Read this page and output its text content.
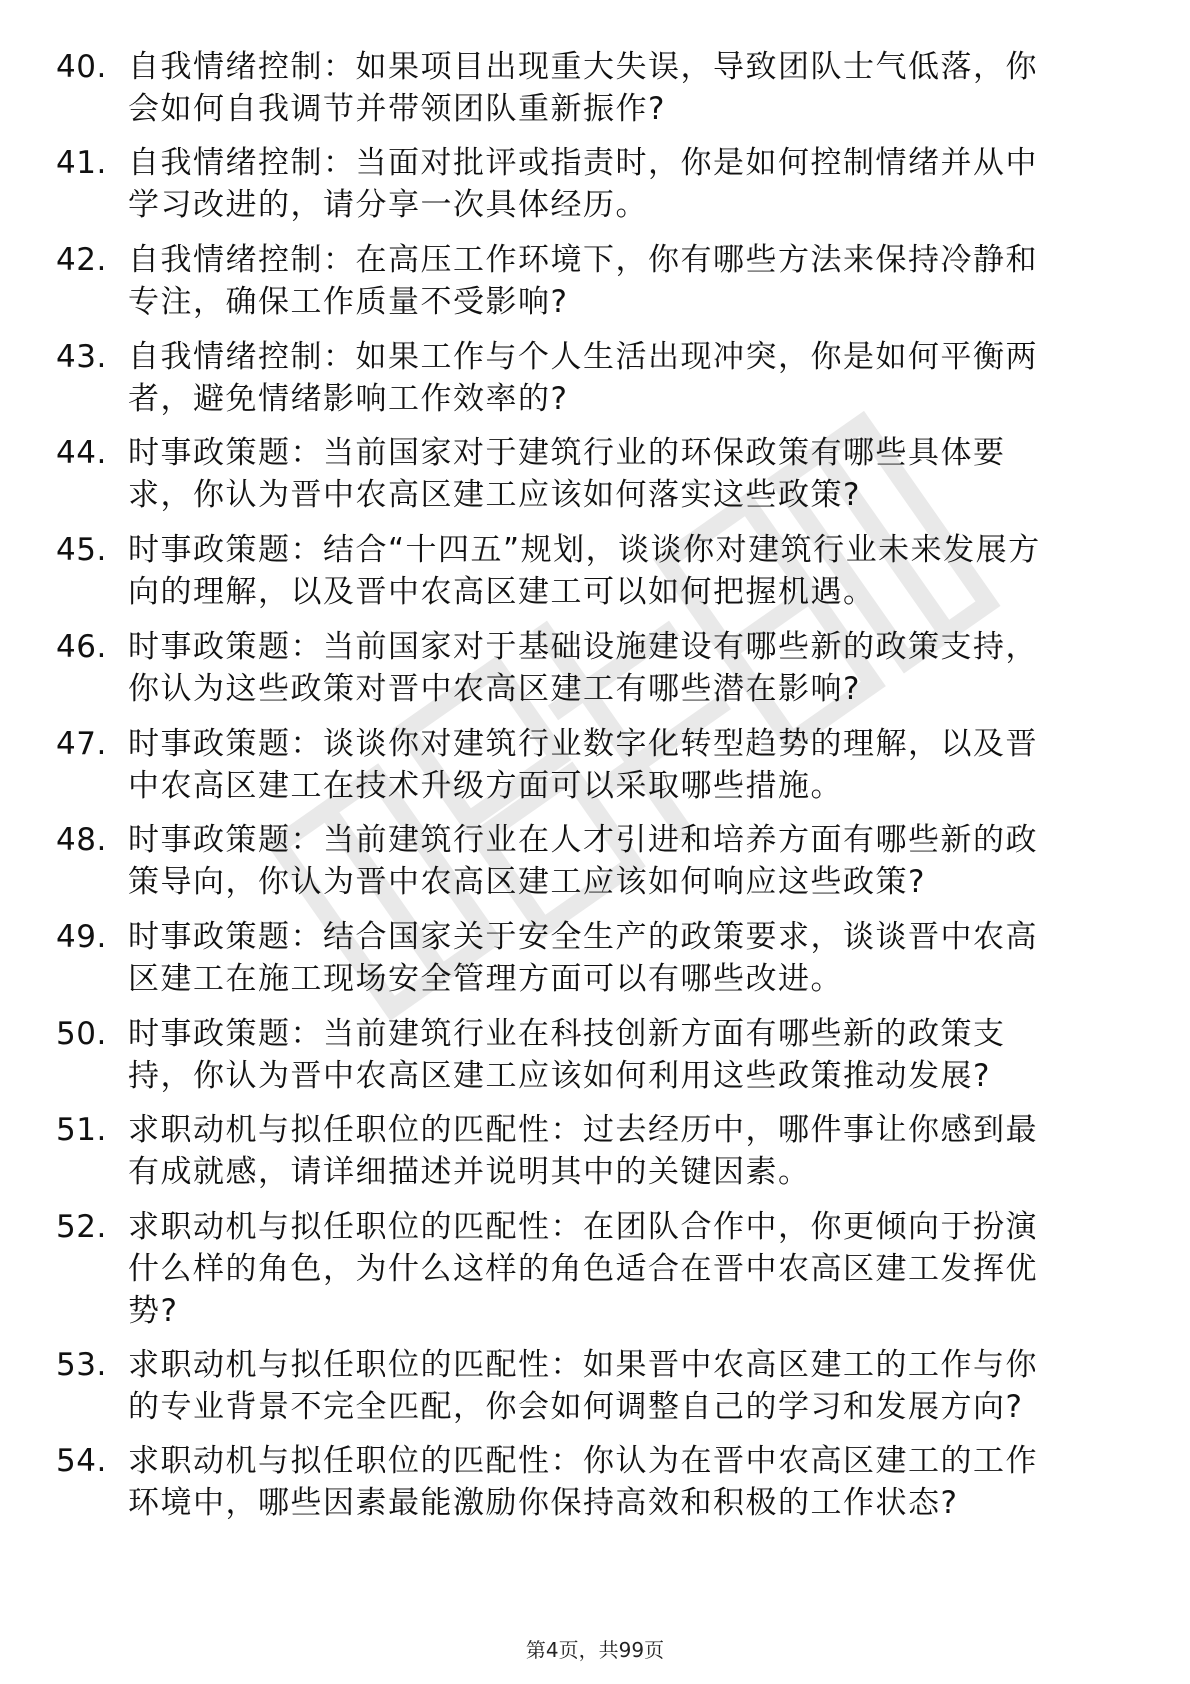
40. 自我情绪控制：如果项目出现重大失误，导致团队士气低落，你
会如何自我调节并带领团队重新振作?
41. 自我情绪控制：当面对批评或指责时，你是如何控制情绪并从中
学习改进的，请分享一次具体经历。
42. 自我情绪控制：在高压工作环境下，你有哪些方法来保持冷静和
专注，确保工作质量不受影响?
43. 自我情绪控制：如果工作与个人生活出现冲突，你是如何平衡两
者，避免情绪影响工作效率的?
44. 时事政策题：当前国家对于建筑行业的环保政策有哪些具体要
求，你认为晋中农高区建工应该如何落实这些政策?
45. 时事政策题：结合“十四五”规划，谈谈你对建筑行业未来发展方
向的理解，以及晋中农高区建工可以如何把握机遇。
46. 时事政策题：当前国家对于基础设施建设有哪些新的政策支持，
你认为这些政策对晋中农高区建工有哪些潜在影响?
47. 时事政策题：谈谈你对建筑行业数字化转型趋势的理解，以及晋
中农高区建工在技术升级方面可以采取哪些措施。
48. 时事政策题：当前建筑行业在人才引进和培养方面有哪些新的政
策导向，你认为晋中农高区建工应该如何响应这些政策?
49. 时事政策题：结合国家关于安全生产的政策要求，谈谈晋中农高
区建工在施工现场安全管理方面可以有哪些改进。
50. 时事政策题：当前建筑行业在科技创新方面有哪些新的政策支
持，你认为晋中农高区建工应该如何利用这些政策推动发展?
51. 求职动机与拟任职位的匹配性：过去经历中，哪件事让你感到最
有成就感，请详细描述并说明其中的关键因素。
52. 求职动机与拟任职位的匹配性：在团队合作中，你更倾向于扮演
什么样的角色，为什么这样的角色适合在晋中农高区建工发挥优
势?
53. 求职动机与拟任职位的匹配性：如果晋中农高区建工的工作与你
的专业背景不完全匹配，你会如何调整自己的学习和发展方向?
54. 求职动机与拟任职位的匹配性：你认为在晋中农高区建工的工作
环境中，哪些因素最能激励你保持高效和积极的工作状态?
第4页，共99页
